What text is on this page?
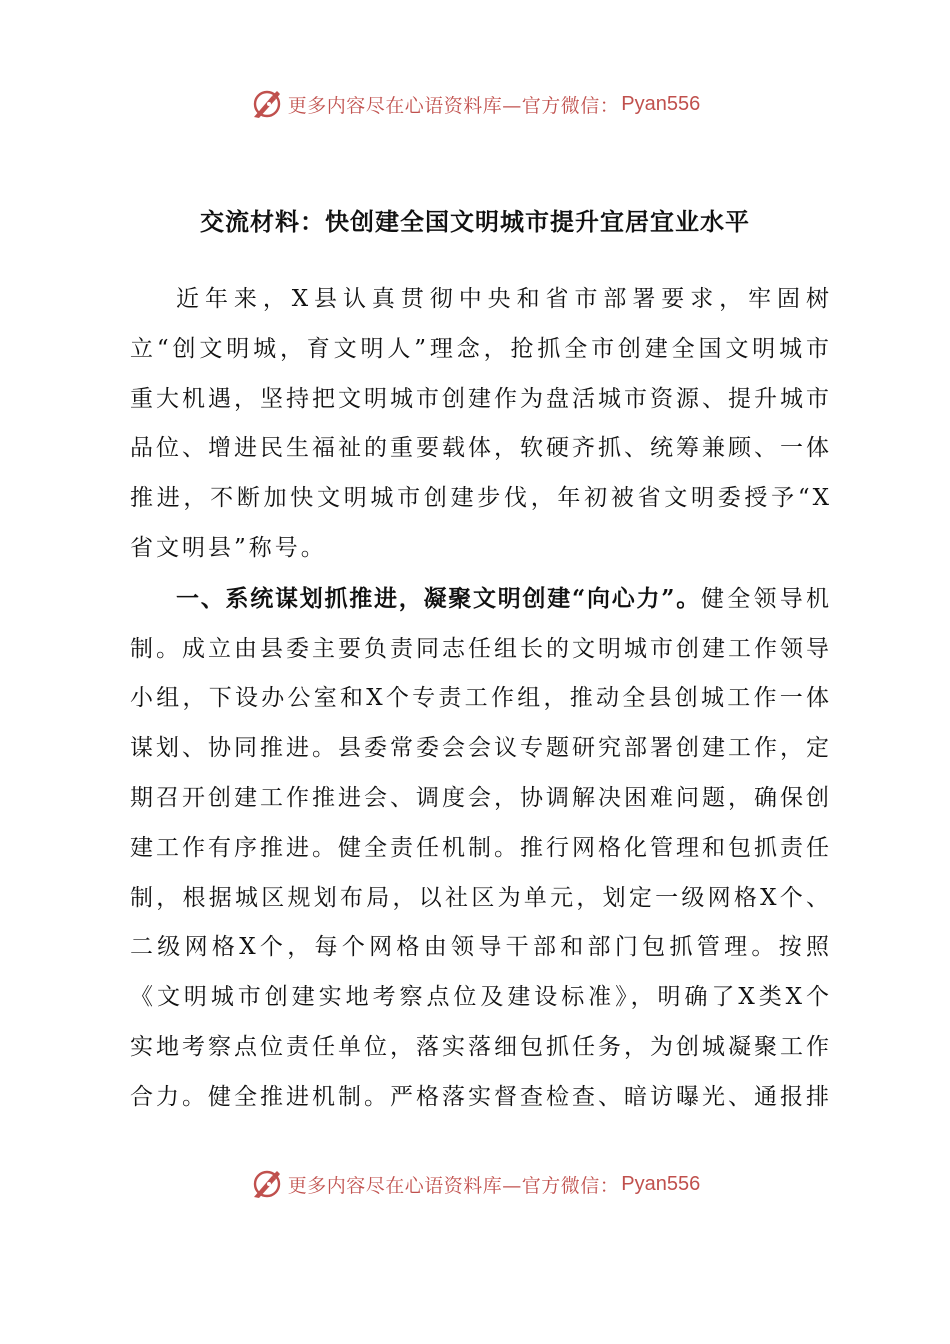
更多内容尽在心语资料库—官方微信： Pyan556
交流材料：快创建全国文明城市提升宜居宜业水平

近年来，X县认真贯彻中央和省市部署要求，牢固树立“创文明城，育文明人”理念，抢抓全市创建全国文明城市重大机遇，坚持把文明城市创建作为盘活城市资源、提升城市品位、增进民生福祉的重要载体，软硬齐抓、统筹兼顾、一体推进，不断加快文明城市创建步伐，年初被省文明委授予“X省文明县”称号。

一、系统谋划抓推进，凝聚文明创建“向心力”。健全领导机制。成立由县委主要负责同志任组长的文明城市创建工作领导小组，下设办公室和X个专责工作组，推动全县创城工作一体谋划、协同推进。县委常委会会议专题研究部署创建工作，定期召开创建工作推进会、调度会，协调解决困难问题，确保创建工作有序推进。健全责任机制。推行网格化管理和包抓责任制，根据城区规划布局，以社区为单元，划定一级网格X个、二级网格X个，每个网格由领导干部和部门包抓管理。按照《文明城市创建实地考察点位及建设标准》，明确了X类X个实地考察点位责任单位，落实落细包抓任务，为创城凝聚工作合力。健全推进机制。严格落实督查检查、暗访曝光、通报排

更多内容尽在心语资料库—官方微信： Pyan556
